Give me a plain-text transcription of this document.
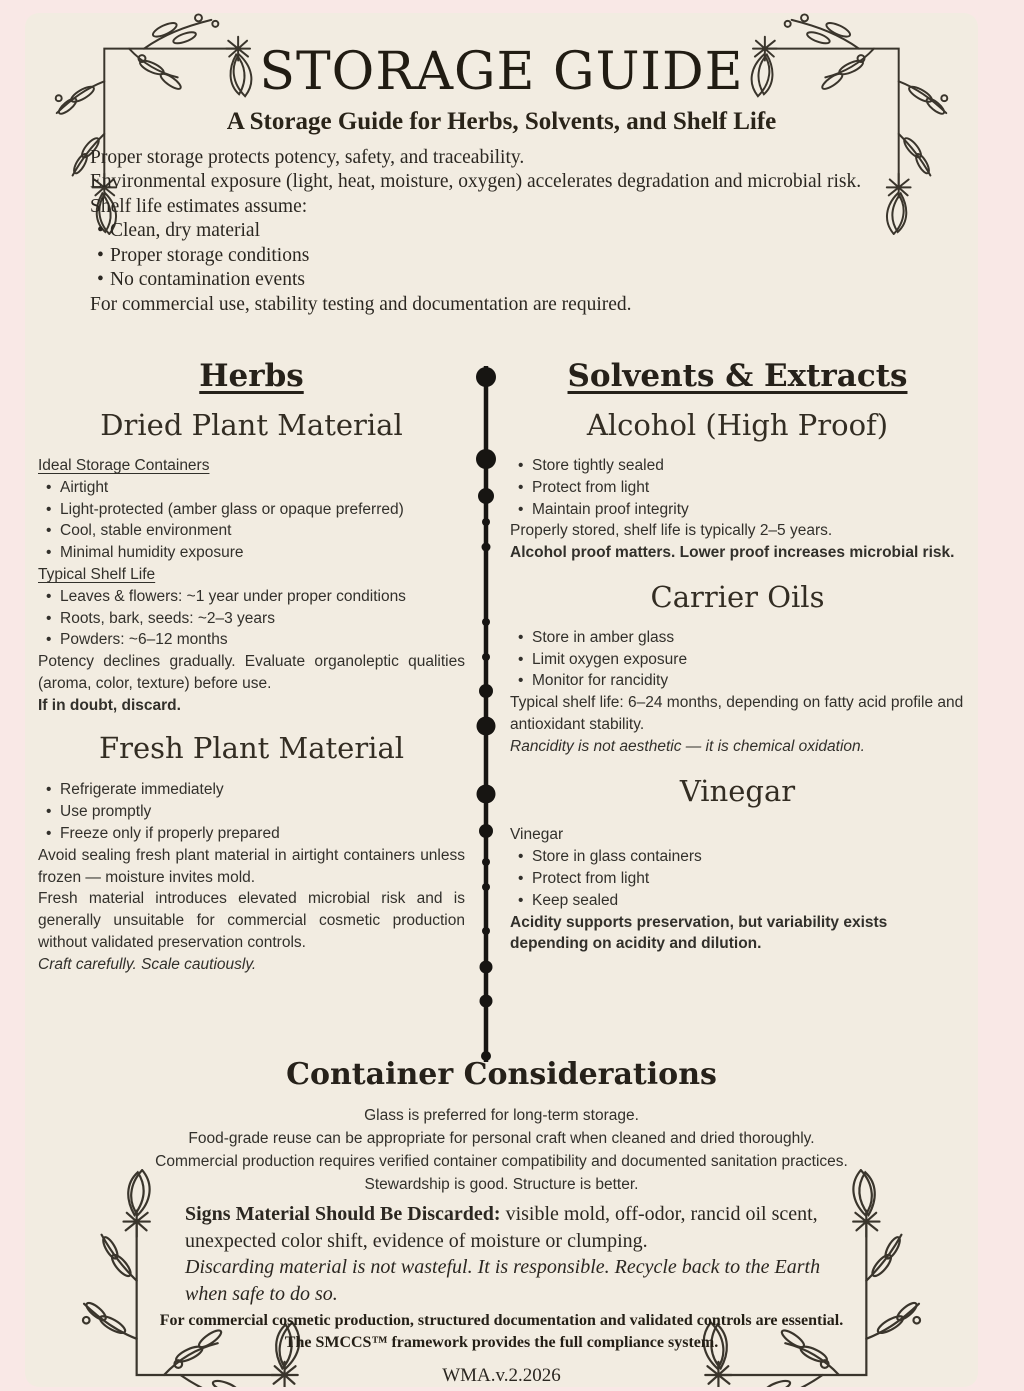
STORAGE GUIDE
A Storage Guide for Herbs, Solvents, and Shelf Life

Proper storage protects potency, safety, and traceability.

Environmental exposure (light, heat, moisture, oxygen) accelerates degradation and microbial risk.

Shelf life estimates assume:

• Clean, dry material

• Proper storage conditions

• No contamination events

For commercial use, stability testing and documentation are required.

Herbs
Dried Plant Material

Ideal Storage Containers

• Airtight

• Light-protected (amber glass or opaque preferred)

• Cool, stable environment

• Minimal humidity exposure

Typical Shelf Life

• Leaves & flowers: ~1 year under proper conditions

• Roots, bark, seeds: ~2–3 years

• Powders: ~6–12 months

Potency declines gradually. Evaluate organoleptic qualities (aroma, color, texture) before use.

If in doubt, discard.

Fresh Plant Material

• Refrigerate immediately

• Use promptly

• Freeze only if properly prepared

Avoid sealing fresh plant material in airtight containers unless frozen — moisture invites mold.

Fresh material introduces elevated microbial risk and is generally unsuitable for commercial cosmetic production without validated preservation controls.

Craft carefully. Scale cautiously.

Solvents & Extracts
Alcohol (High Proof)

• Store tightly sealed

• Protect from light

• Maintain proof integrity

Properly stored, shelf life is typically 2–5 years.

Alcohol proof matters. Lower proof increases microbial risk.

Carrier Oils

• Store in amber glass

• Limit oxygen exposure

• Monitor for rancidity

Typical shelf life: 6–24 months, depending on fatty acid profile and antioxidant stability.

Rancidity is not aesthetic — it is chemical oxidation.

Vinegar

Vinegar

• Store in glass containers

• Protect from light

• Keep sealed

Acidity supports preservation, but variability exists depending on acidity and dilution.

Container Considerations

Glass is preferred for long-term storage.

Food-grade reuse can be appropriate for personal craft when cleaned and dried thoroughly.

Commercial production requires verified container compatibility and documented sanitation practices.

Stewardship is good. Structure is better.

Signs Material Should Be Discarded: visible mold, off-odor, rancid oil scent, unexpected color shift, evidence of moisture or clumping.

Discarding material is not wasteful. It is responsible. Recycle back to the Earth when safe to do so.

For commercial cosmetic production, structured documentation and validated controls are essential.

The SMCCS™ framework provides the full compliance system.

WMA.v.2.2026
